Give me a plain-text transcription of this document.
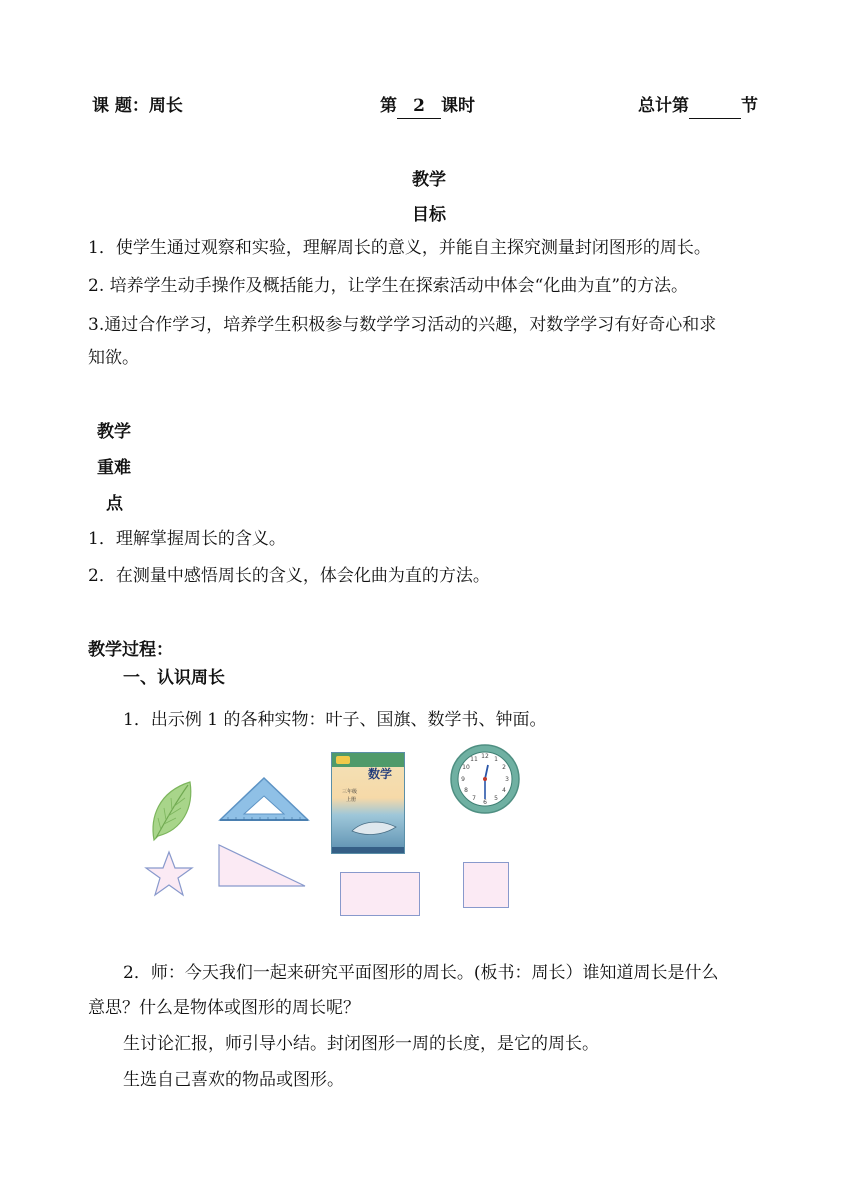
课 题：周长	第 2 课时	总计第	节
教学
目标
1．使学生通过观察和实验，理解周长的意义，并能自主探究测量封闭图形的周长。
2. 培养学生动手操作及概括能力，让学生在探索活动中体会“化曲为直”的方法。
3.通过合作学习，培养学生积极参与数学学习活动的兴趣，对数学学习有好奇心和求
知欲。
教学
重难
点
1．理解掌握周长的含义。
2．在测量中感悟周长的含义，体会化曲为直的方法。
教学过程：
一、认识周长
1．出示例 1 的各种实物：叶子、国旗、数学书、钟面。
数学
三年级
上册
12 1
2
3
4
5
6
7
8
9
10
11
2．师：今天我们一起来研究平面图形的周长。(板书：周长）谁知道周长是什么
意思？什么是物体或图形的周长呢？
生讨论汇报，师引导小结。封闭图形一周的长度，是它的周长。
生选自己喜欢的物品或图形。
